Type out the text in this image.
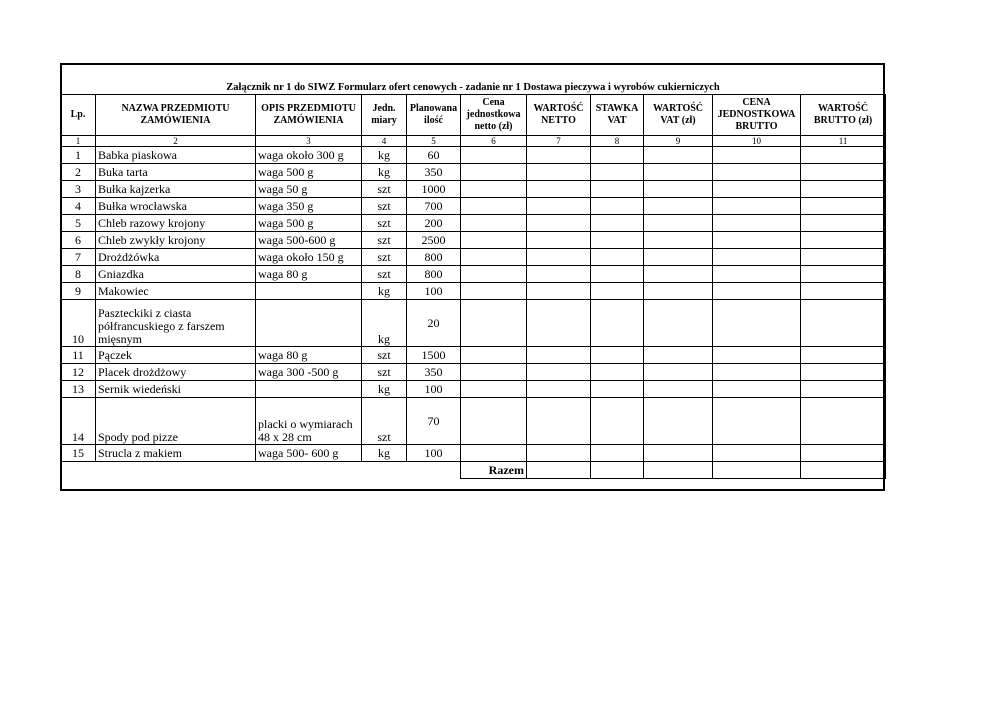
Załącznik nr 1 do SIWZ Formularz ofert cenowych - zadanie nr 1 Dostawa pieczywa i wyrobów cukierniczych										
Lp.	NAZWA PRZEDMIOTU ZAMÓWIENIA	OPIS PRZEDMIOTU ZAMÓWIENIA	Jedn. miary	Planowana ilość	Cena jednostkowa netto (zł)	WARTOŚĆ NETTO	STAWKA VAT	WARTOŚĆ VAT (zł)	CENA JEDNOSTKOWA BRUTTO	WARTOŚĆ BRUTTO (zł)
1	2	3	4	5	6	7	8	9	10	11
1	Babka piaskowa	waga około 300 g	kg	60						
2	Buka tarta	waga 500 g	kg	350						
3	Bułka kajzerka	waga 50 g	szt	1000						
4	Bułka wrocławska	waga 350 g	szt	700						
5	Chleb razowy krojony	waga 500 g	szt	200						
6	Chleb zwykły krojony	waga 500-600 g	szt	2500						
7	Drożdżówka	waga około 150 g	szt	800						
8	Gniazdka	waga 80 g	szt	800						
9	Makowiec		kg	100						
10	Paszteckiki z ciasta półfrancuskiego z farszem mięsnym		kg	20						
11	Pączek	waga 80 g	szt	1500						
12	Placek drożdżowy	waga 300 -500 g	szt	350						
13	Sernik wiedeński		kg	100						
14	Spody pod pizze	placki o wymiarach 48 x 28 cm	szt	70						
15	Strucla z makiem	waga 500- 600 g	kg	100						
					Razem					
